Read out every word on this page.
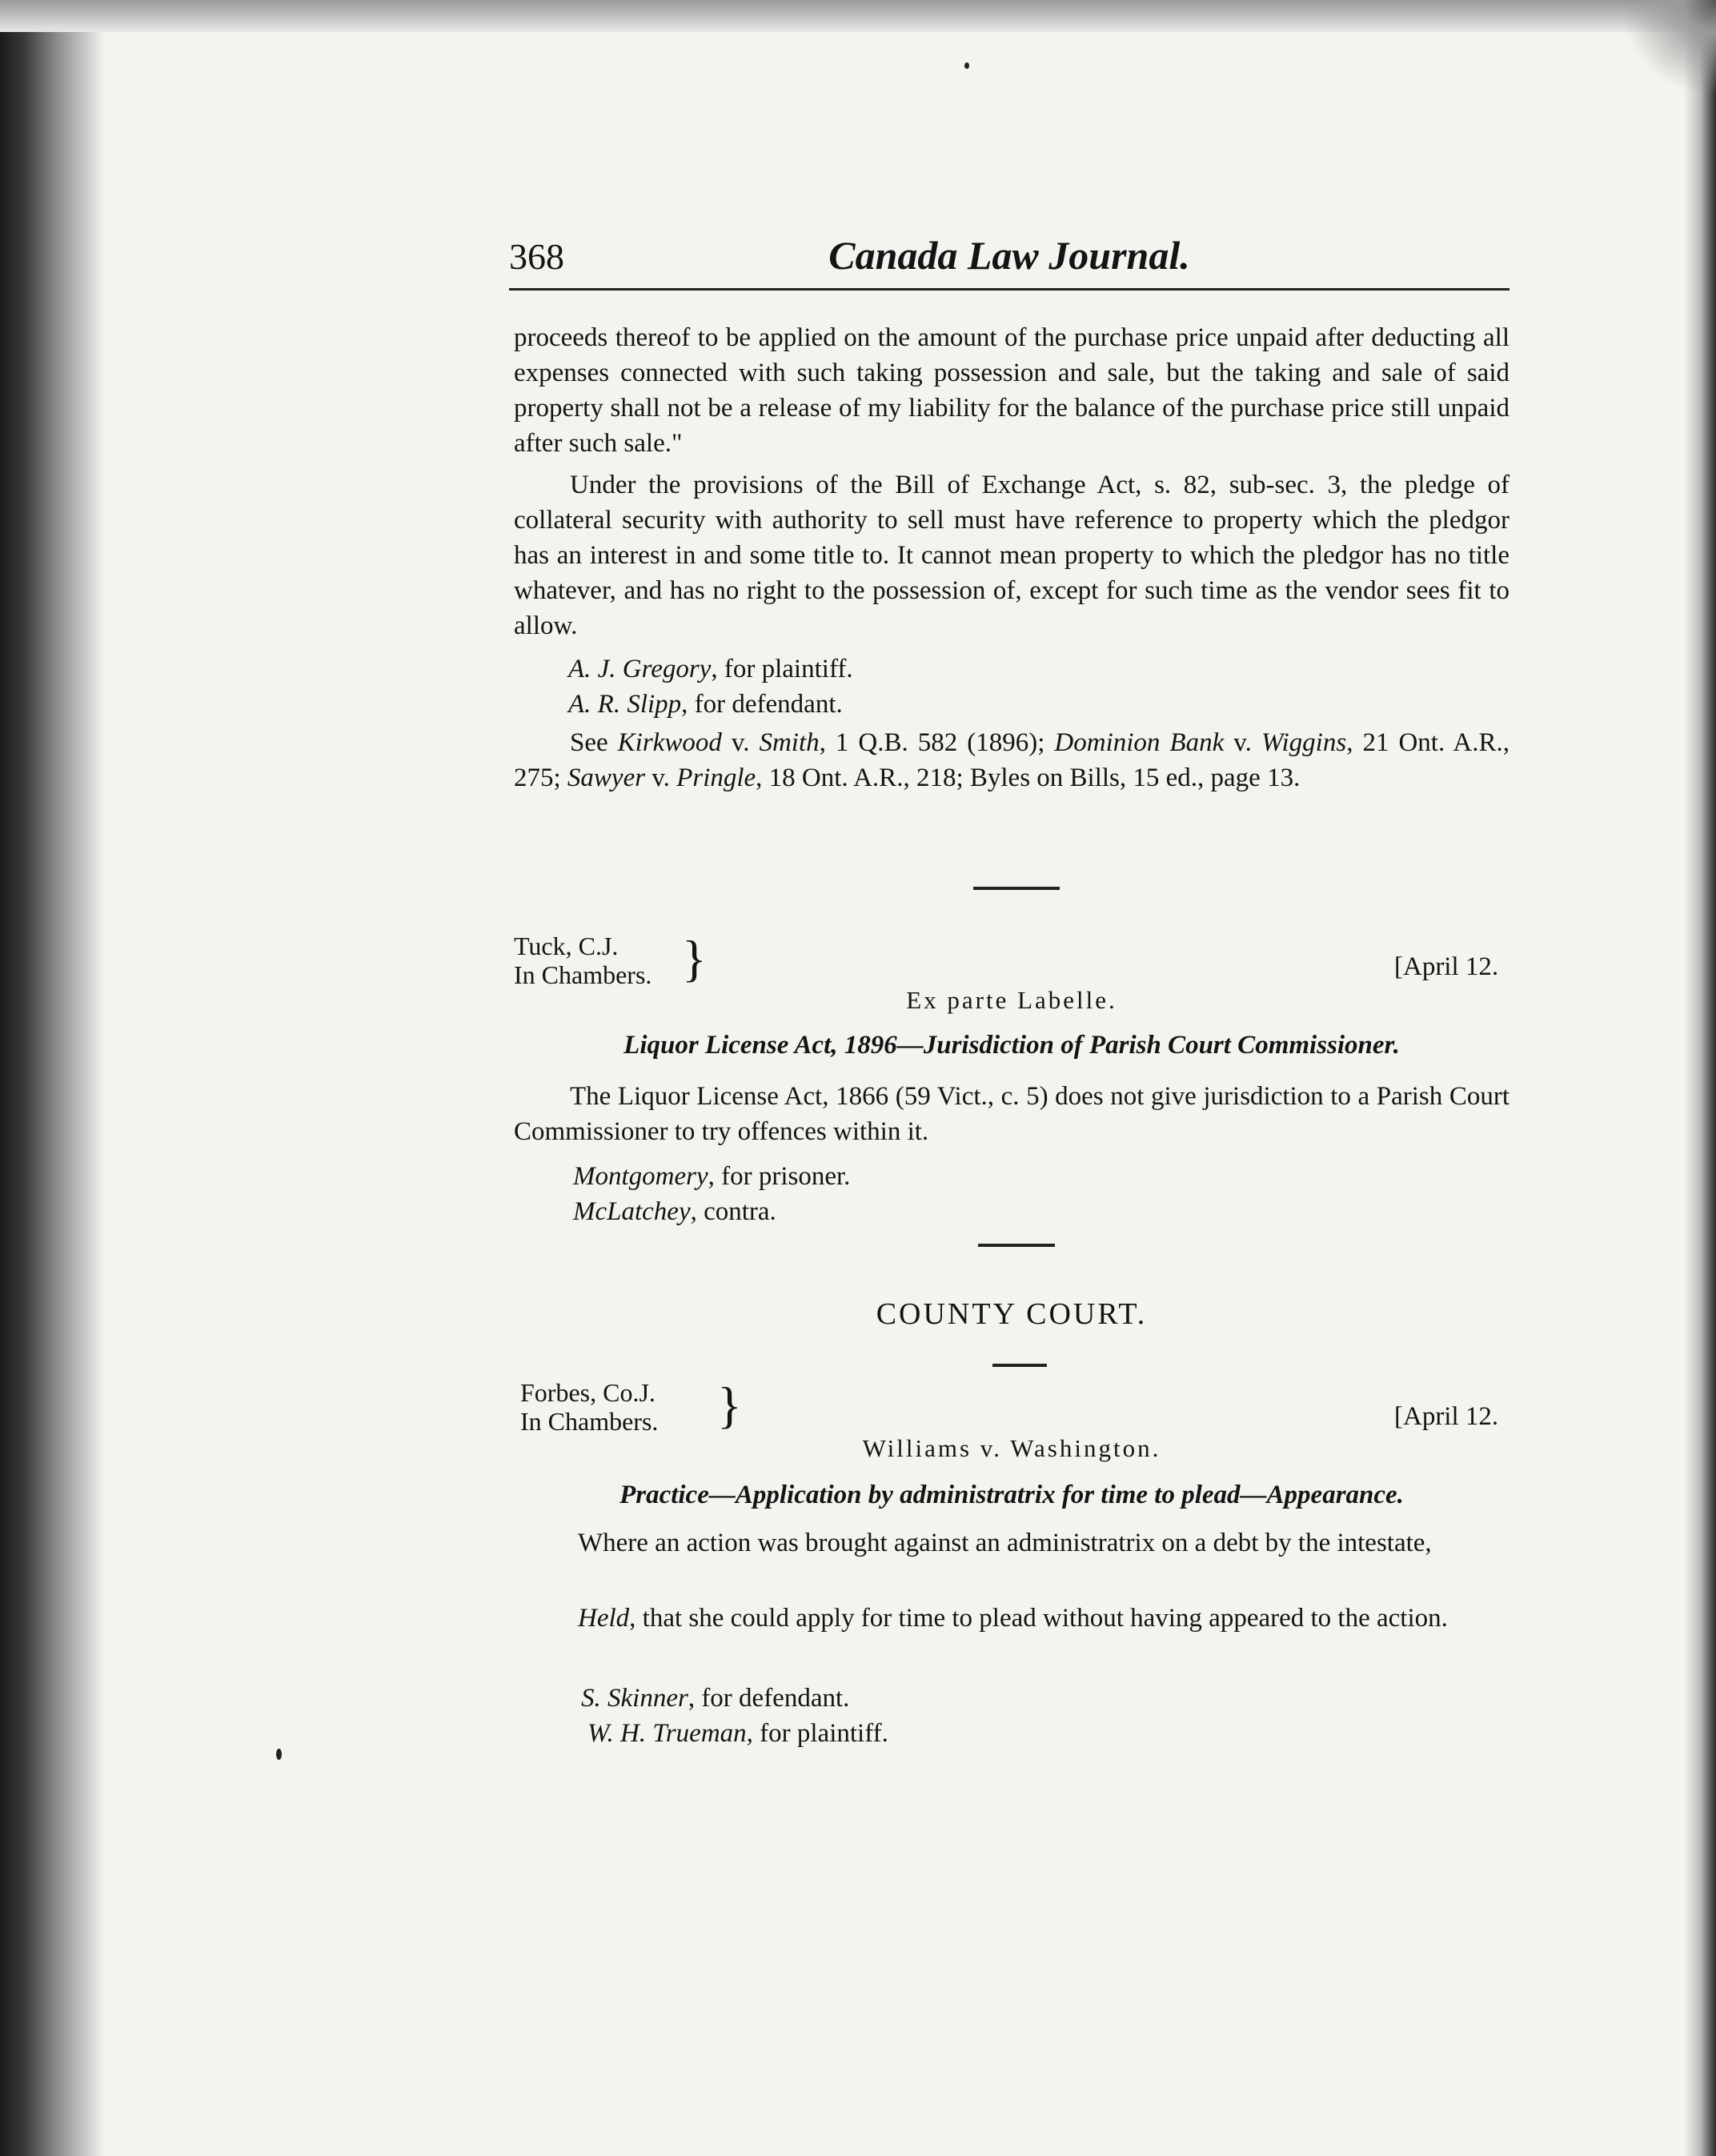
368	Canada Law Journal.

proceeds thereof to be applied on the amount of the purchase price unpaid after deducting all expenses connected with such taking possession and sale, but the taking and sale of said property shall not be a release of my liability for the balance of the purchase price still unpaid after such sale."

Under the provisions of the Bill of Exchange Act, s. 82, sub-sec. 3, the pledge of collateral security with authority to sell must have reference to property which the pledgor has an interest in and some title to. It cannot mean property to which the pledgor has no title whatever, and has no right to the possession of, except for such time as the vendor sees fit to allow.

A. J. Gregory, for plaintiff.
A. R. Slipp, for defendant.
See Kirkwood v. Smith, 1 Q.B. 582 (1896); Dominion Bank v. Wiggins, 21 Ont. A.R., 275; Sawyer v. Pringle, 18 Ont. A.R., 218; Byles on Bills, 15 ed., page 13.
Tuck, C.J.
In Chambers. }	[April 12.
Ex parte Labelle.
Liquor License Act, 1896—Jurisdiction of Parish Court Commissioner.
The Liquor License Act, 1866 (59 Vict., c. 5) does not give jurisdiction to a Parish Court Commissioner to try offences within it.
Montgomery, for prisoner.
McLatchey, contra.
COUNTY COURT.
Forbes, Co.J.
In Chambers. }	[April 12.
Williams v. Washington.
Practice—Application by administratrix for time to plead—Appearance.
Where an action was brought against an administratrix on a debt by the intestate,
Held, that she could apply for time to plead without having appeared to the action.
S. Skinner, for defendant.
W. H. Trueman, for plaintiff.
